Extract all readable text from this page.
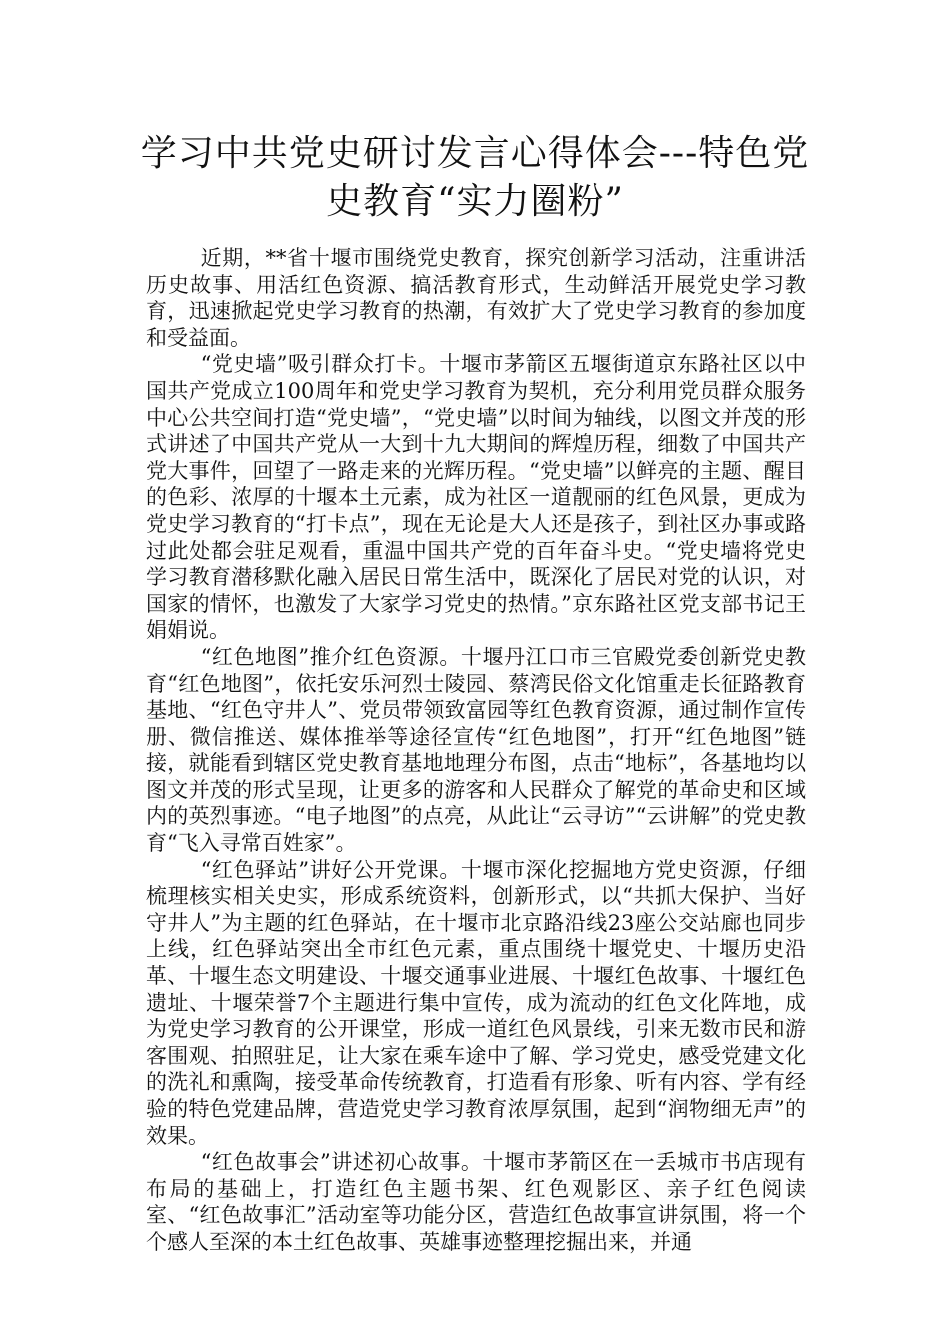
学习中共党史研讨发言心得体会---特色党
史教育“实力圈粉”

近期，**省十堰市围绕党史教育，探究创新学习活动，注重讲活历史故事、用活红色资源、搞活教育形式，生动鲜活开展党史学习教育，迅速掀起党史学习教育的热潮，有效扩大了党史学习教育的参加度和受益面。

“党史墙”吸引群众打卡。十堰市茅箭区五堰街道京东路社区以中国共产党成立100周年和党史学习教育为契机，充分利用党员群众服务中心公共空间打造“党史墙”，“党史墙”以时间为轴线，以图文并茂的形式讲述了中国共产党从一大到十九大期间的辉煌历程，细数了中国共产党大事件，回望了一路走来的光辉历程。“党史墙”以鲜亮的主题、醒目的色彩、浓厚的十堰本土元素，成为社区一道靓丽的红色风景，更成为党史学习教育的“打卡点”，现在无论是大人还是孩子，到社区办事或路过此处都会驻足观看，重温中国共产党的百年奋斗史。“党史墙将党史学习教育潜移默化融入居民日常生活中，既深化了居民对党的认识，对国家的情怀，也激发了大家学习党史的热情。”京东路社区党支部书记王娟娟说。

“红色地图”推介红色资源。十堰丹江口市三官殿党委创新党史教育“红色地图”，依托安乐河烈士陵园、蔡湾民俗文化馆重走长征路教育基地、“红色守井人”、党员带领致富园等红色教育资源，通过制作宣传册、微信推送、媒体推举等途径宣传“红色地图”，打开“红色地图”链接，就能看到辖区党史教育基地地理分布图，点击“地标”，各基地均以图文并茂的形式呈现，让更多的游客和人民群众了解党的革命史和区域内的英烈事迹。“电子地图”的点亮，从此让“云寻访”“云讲解”的党史教育“飞入寻常百姓家”。

“红色驿站”讲好公开党课。十堰市深化挖掘地方党史资源，仔细梳理核实相关史实，形成系统资料，创新形式，以“共抓大保护、当好守井人”为主题的红色驿站，在十堰市北京路沿线23座公交站廊也同步上线，红色驿站突出全市红色元素，重点围绕十堰党史、十堰历史沿革、十堰生态文明建设、十堰交通事业进展、十堰红色故事、十堰红色遗址、十堰荣誉7个主题进行集中宣传，成为流动的红色文化阵地，成为党史学习教育的公开课堂，形成一道红色风景线，引来无数市民和游客围观、拍照驻足，让大家在乘车途中了解、学习党史，感受党建文化的洗礼和熏陶，接受革命传统教育，打造看有形象、听有内容、学有经验的特色党建品牌，营造党史学习教育浓厚氛围，起到“润物细无声”的效果。

“红色故事会”讲述初心故事。十堰市茅箭区在一丢城市书店现有布局的基础上，打造红色主题书架、红色观影区、亲子红色阅读室、“红色故事汇”活动室等功能分区，营造红色故事宣讲氛围，将一个个感人至深的本土红色故事、英雄事迹整理挖掘出来，并通
